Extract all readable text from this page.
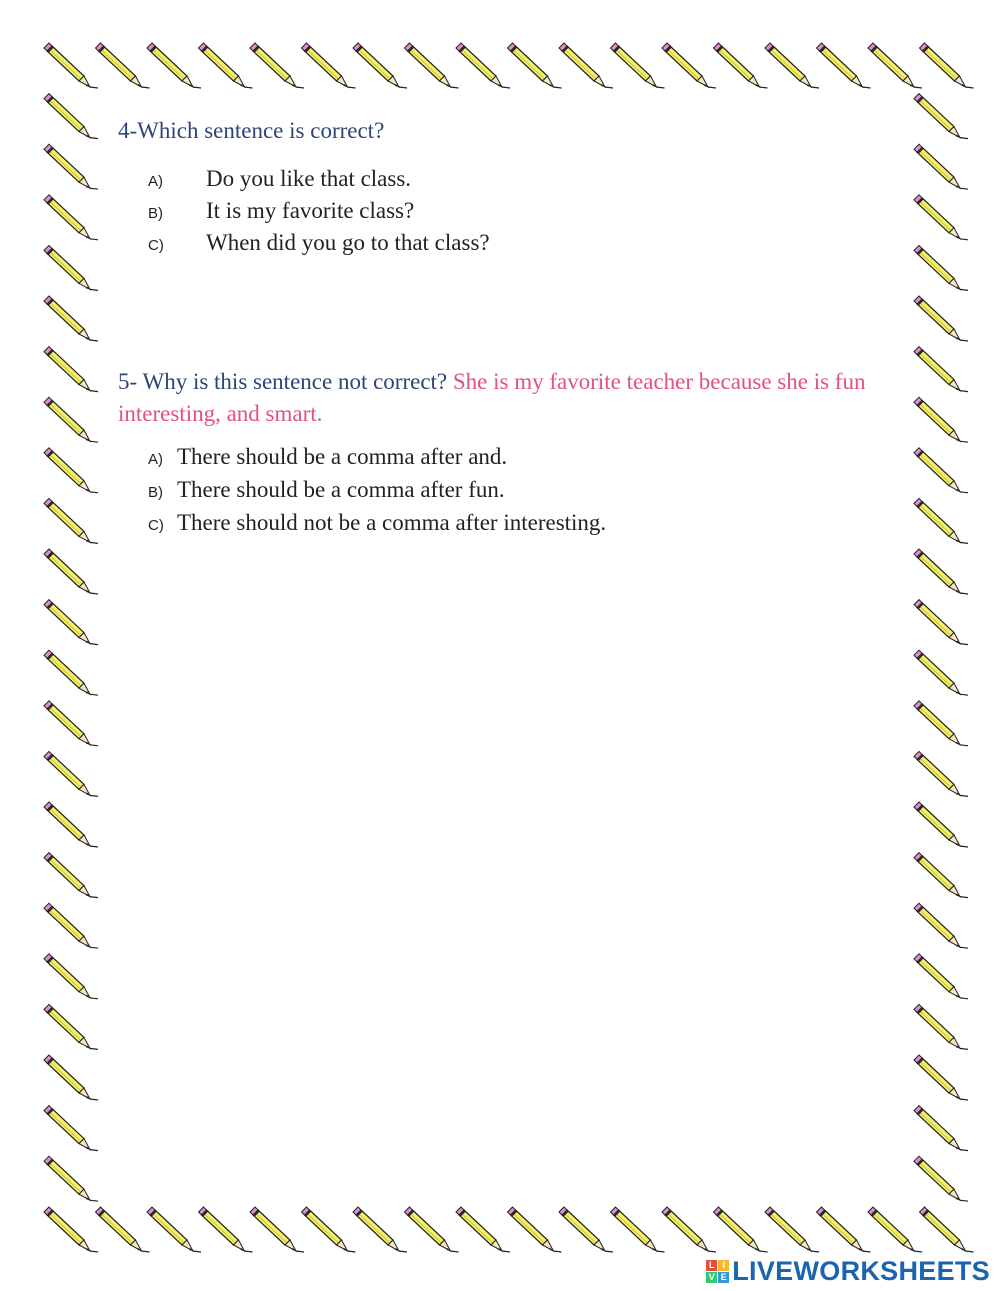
4-Which sentence is correct?
A)	Do you like that class.
B)	It is my favorite class?
C)	When did you go to that class?
5- Why is this sentence not correct? She is my favorite teacher because she is fun interesting, and smart.
A) There should be a comma after and.
B) There should be a comma after fun.
C) There should not be a comma after interesting.
L I
V E LIVEWORKSHEETS
